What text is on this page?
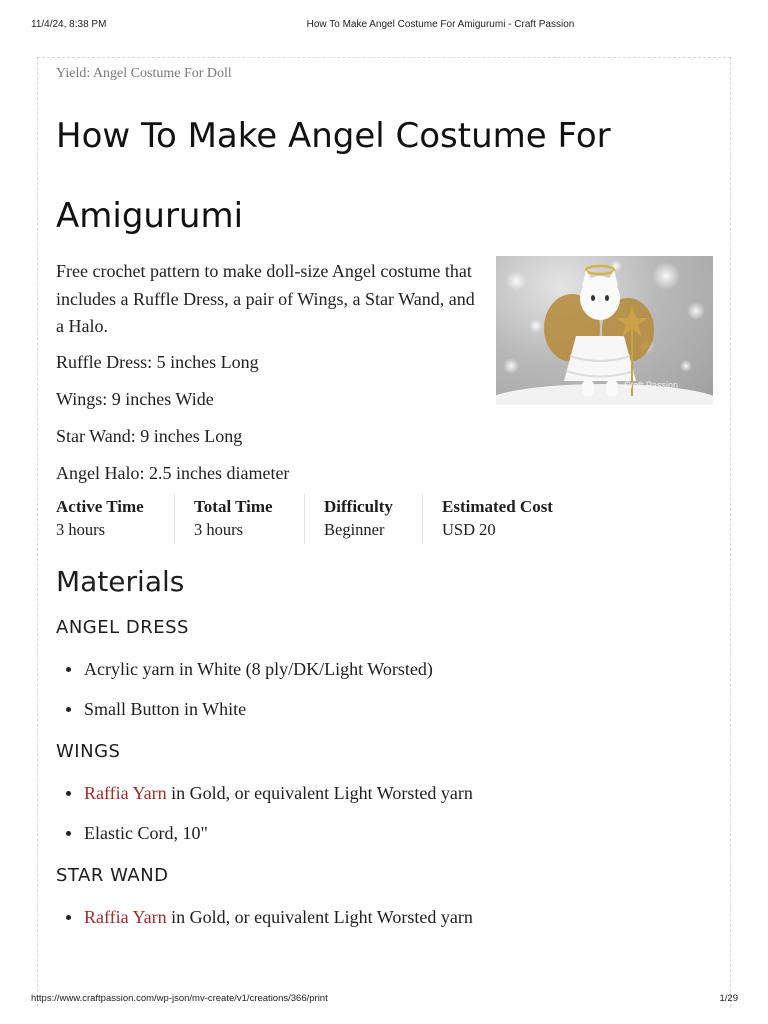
11/4/24, 8:38 PM	How To Make Angel Costume For Amigurumi - Craft Passion

Yield: Angel Costume For Doll

How To Make Angel Costume For
Amigurumi

Free crochet pattern to make doll-size Angel costume that includes a Ruffle Dress, a pair of Wings, a Star Wand, and a Halo.

Ruffle Dress: 5 inches Long

Wings: 9 inches Wide

Star Wand: 9 inches Long

Angel Halo: 2.5 inches diameter

Craft Passion
Active Time
3 hours
Total Time
3 hours
Difficulty
Beginner
Estimated Cost
USD 20
Materials
ANGEL DRESS
Acrylic yarn in White (8 ply/DK/Light Worsted)
Small Button in White
WINGS
Raffia Yarn in Gold, or equivalent Light Worsted yarn
Elastic Cord, 10"
STAR WAND
Raffia Yarn in Gold, or equivalent Light Worsted yarn
https://www.craftpassion.com/wp-json/mv-create/v1/creations/366/print	1/29
